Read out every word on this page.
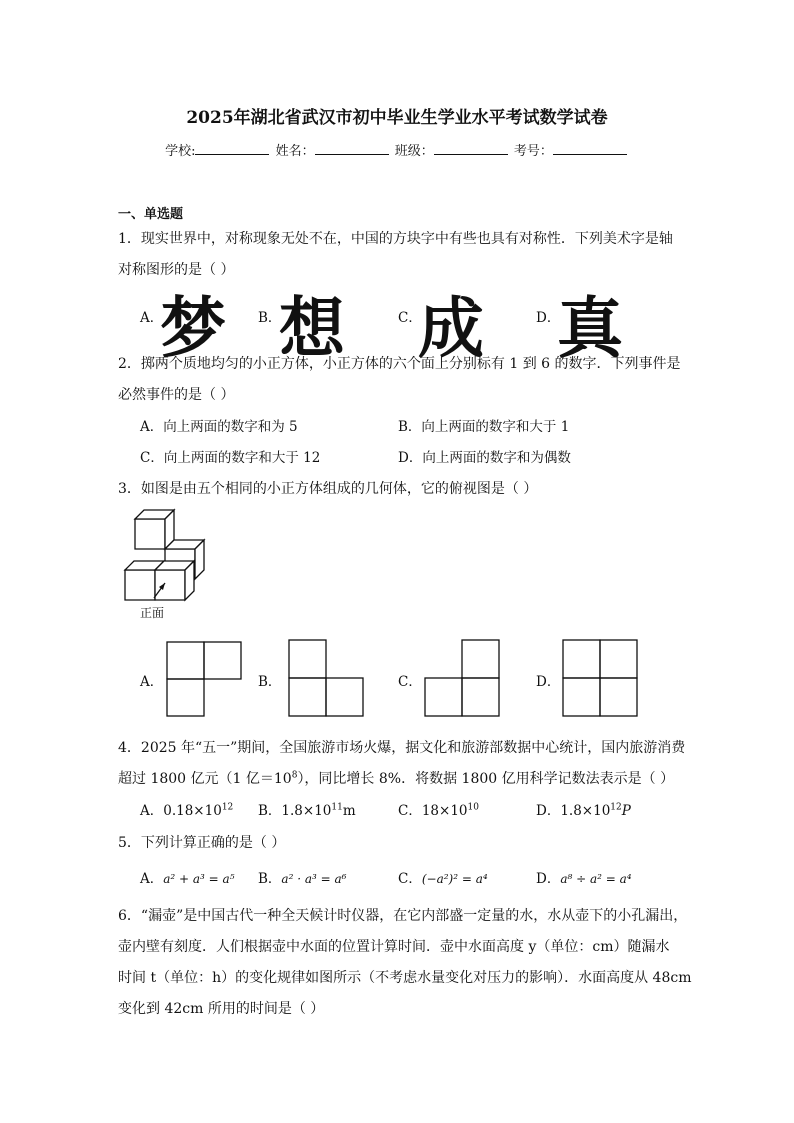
2025年湖北省武汉市初中毕业生学业水平考试数学试卷
学校:	姓名：	班级：	考号：
一、单选题
1．现实世界中，对称现象无处不在，中国的方块字中有些也具有对称性．下列美术字是轴
对称图形的是（ ）
A．
梦 B．
想	C．
成	D．
真
2．掷两个质地均匀的小正方体，小正方体的六个面上分别标有 1 到 6 的数字．下列事件是
必然事件的是（ ）
A．向上两面的数字和为 5	B．向上两面的数字和大于 1
C．向上两面的数字和大于 12	D．向上两面的数字和为偶数
3．如图是由五个相同的小正方体组成的几何体，它的俯视图是（ ）
正面
A．	B．	C．	D．
4．2025 年“五一”期间，全国旅游市场火爆，据文化和旅游部数据中心统计，国内旅游消费
超过 1800 亿元（1 亿$=10^8$），同比增长 8%．将数据 1800 亿用科学记数法表示是（ ）
A．$0.18\times 10^{12}$ B．$1.8\times 10^{11}m$	C．$18\times 10^{10}$	D．$1.8\times 10^{12}P$
5．下列计算正确的是（ ）
A．a² + a³ = a⁵ B．a² · a³ = a⁶	C．(−a²)² = a⁴	D．a⁸ ÷ a² = a⁴
6．“漏壶”是中国古代一种全天候计时仪器，在它内部盛一定量的水，水从壶下的小孔漏出，
壶内壁有刻度．人们根据壶中水面的位置计算时间．壶中水面高度 y（单位：cm）随漏水
时间 t（单位：h）的变化规律如图所示（不考虑水量变化对压力的影响）．水面高度从 48cm
变化到 42cm 所用的时间是（ ）
